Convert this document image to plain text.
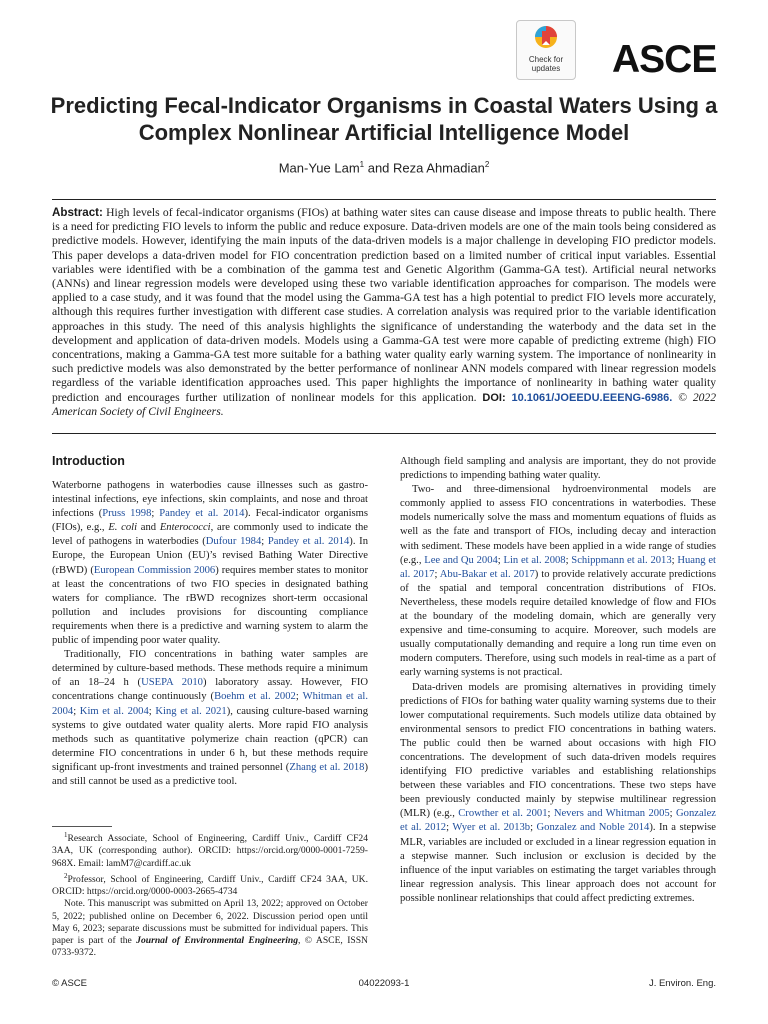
Check for
updates	ASCE
Predicting Fecal-Indicator Organisms in Coastal Waters Using a Complex Nonlinear Artificial Intelligence Model
Man-Yue Lam$^1$ and Reza Ahmadian$^2$
Abstract: High levels of fecal-indicator organisms (FIOs) at bathing water sites can cause disease and impose threats to public health. There is a need for predicting FIO levels to inform the public and reduce exposure. Data-driven models are one of the main tools being considered as predictive models. However, identifying the main inputs of the data-driven models is a major challenge in developing FIO predictor models. This paper develops a data-driven model for FIO concentration prediction based on a limited number of critical input variables. Essential variables were identified with be a combination of the gamma test and Genetic Algorithm (Gamma-GA test). Artificial neural networks (ANNs) and linear regression models were developed using these two variable identification approaches for comparison. The models were applied to a case study, and it was found that the model using the Gamma-GA test has a high potential to predict FIO levels more accurately, although this requires further investigation with different case studies. A correlation analysis was required prior to the variable identification approaches in this study. The need of this analysis highlights the significance of understanding the waterbody and the data set in the development and application of data-driven models. Models using a Gamma-GA test were more capable of predicting extreme (high) FIO concentrations, making a Gamma-GA test more suitable for a bathing water quality early warning system. The importance of nonlinearity in such predictive models was also demonstrated by the better performance of nonlinear ANN models compared with linear regression models regardless of the variable identification approaches used. This paper highlights the importance of nonlinearity in bathing water quality prediction and encourages further utilization of nonlinear models for this application. DOI: 10.1061/JOEEDU.EEENG-6986. © 2022 American Society of Civil Engineers.
Introduction

Waterborne pathogens in waterbodies cause illnesses such as gastro-intestinal infections, eye infections, skin complaints, and nose and throat infections (Pruss 1998; Pandey et al. 2014). Fecal-indicator organisms (FIOs), e.g., E. coli and Enterococci, are commonly used to indicate the level of pathogens in waterbodies (Dufour 1984; Pandey et al. 2014). In Europe, the European Union (EU)’s revised Bathing Water Directive (rBWD) (European Commission 2006) requires member states to monitor at least the concentrations of two FIO species in designated bathing waters for compliance. The rBWD recognizes short-term occasional pollution and includes provisions for discounting compliance requirements when there is a predictive and warning system to alarm the public of impending poor water quality.

Traditionally, FIO concentrations in bathing water samples are determined by culture-based methods. These methods require a minimum of an 18–24 h (USEPA 2010) laboratory assay. However, FIO concentrations change continuously (Boehm et al. 2002; Whitman et al. 2004; Kim et al. 2004; King et al. 2021), causing culture-based warning systems to give outdated water quality alerts. More rapid FIO analysis methods such as quantitative polymerize chain reaction (qPCR) can determine FIO concentrations in under 6 h, but these methods require significant up-front investments and trained personnel (Zhang et al. 2018) and still cannot be used as a predictive tool.

$^1$Research Associate, School of Engineering, Cardiff Univ., Cardiff CF24 3AA, UK (corresponding author). ORCID: https://orcid.org/0000-0001-7259-968X. Email: lamM7@cardiff.ac.uk

$^2$Professor, School of Engineering, Cardiff Univ., Cardiff CF24 3AA, UK. ORCID: https://orcid.org/0000-0003-2665-4734

Note. This manuscript was submitted on April 13, 2022; approved on October 5, 2022; published online on December 6, 2022. Discussion period open until May 6, 2023; separate discussions must be submitted for individual papers. This paper is part of the Journal of Environmental Engineering, © ASCE, ISSN 0733-9372.

Although field sampling and analysis are important, they do not provide predictions to impending bathing water quality.

Two- and three-dimensional hydroenvironmental models are commonly applied to assess FIO concentrations in waterbodies. These models numerically solve the mass and momentum equations of fluids as well as the fate and transport of FIOs, including decay and interaction with sediment. These models have been applied in a wide range of studies (e.g., Lee and Qu 2004; Lin et al. 2008; Schippmann et al. 2013; Huang et al. 2017; Abu-Bakar et al. 2017) to provide relatively accurate predictions of the spatial and temporal concentration distributions of FIOs. Nevertheless, these models require detailed knowledge of flow and FIOs at the boundary of the modeling domain, which are generally very expensive and time-consuming to acquire. Moreover, such models are usually computationally demanding and require a long run time even on modern computers. Therefore, using such models in real-time as a part of early warning systems is not practical.

Data-driven models are promising alternatives in providing timely predictions of FIOs for bathing water quality warning systems due to their lower computational requirements. Such models utilize data obtained by environmental sensors to predict FIO concentrations in bathing waters. The public could then be warned about occasions with high FIO concentrations. The development of such data-driven models requires identifying FIO predictive variables and establishing relationships between these variables and FIO concentrations. These two steps have been previously conducted mainly by stepwise multilinear regression (MLR) (e.g., Crowther et al. 2001; Nevers and Whitman 2005; Gonzalez et al. 2012; Wyer et al. 2013b; Gonzalez and Noble 2014). In a stepwise MLR, variables are included or excluded in a linear regression equation in a stepwise manner. Such inclusion or exclusion is decided by the influence of the input variables on estimating the target variables through linear regression analysis. This linear approach does not account for possible nonlinear relationships that could affect predicting extremes.

© ASCE	04022093-1	J. Environ. Eng.
